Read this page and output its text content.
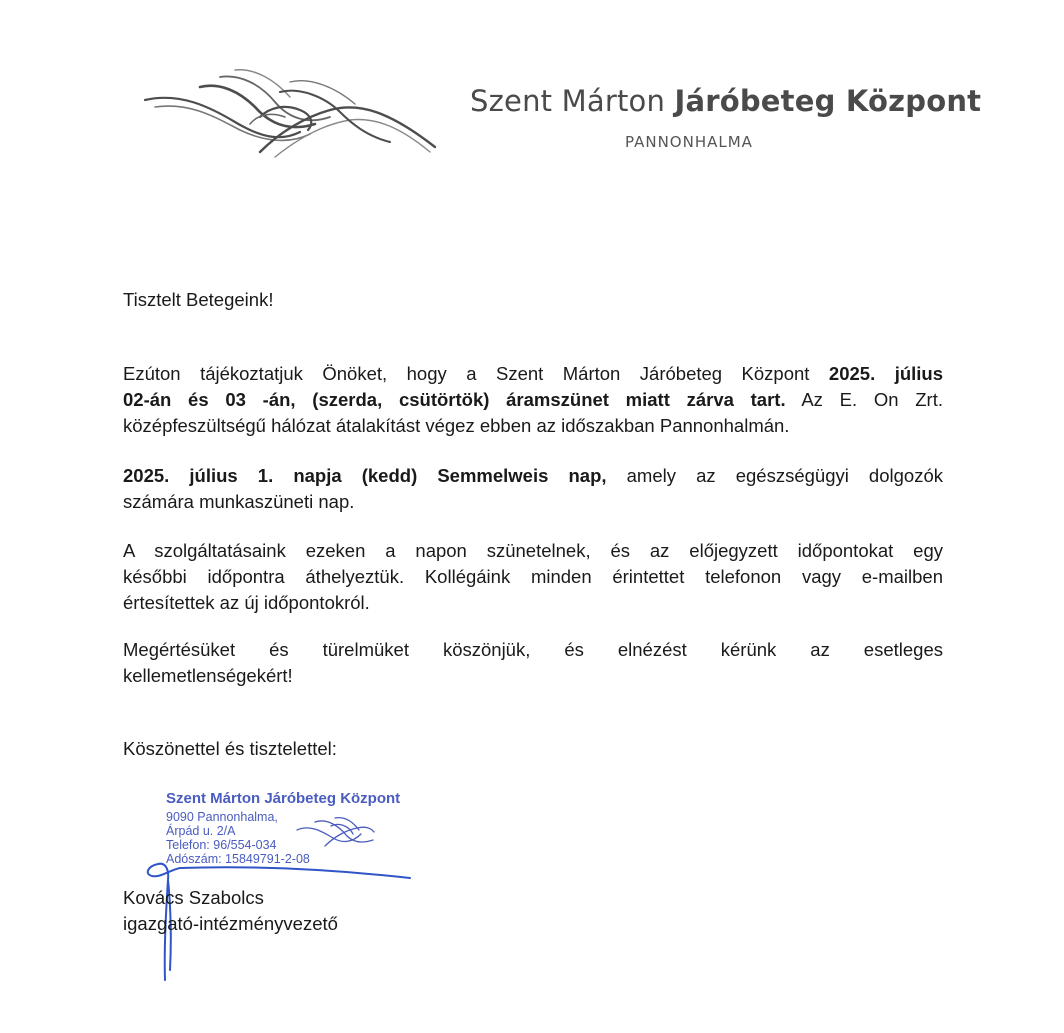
Szent Márton Járóbeteg Központ
PANNONHALMA
Tisztelt Betegeink!
Ezúton tájékoztatjuk Önöket, hogy a Szent Márton Járóbeteg Központ 2025. július
02-án és 03 -án, (szerda, csütörtök) áramszünet miatt zárva tart. Az E. On Zrt.
középfeszültségű hálózat átalakítást végez ebben az időszakban Pannonhalmán.
2025. július 1. napja (kedd) Semmelweis nap, amely az egészségügyi dolgozók
számára munkaszüneti nap.
A szolgáltatásaink ezeken a napon szünetelnek, és az előjegyzett időpontokat egy
későbbi időpontra áthelyeztük. Kollégáink minden érintettet telefonon vagy e-mailben
értesítettek az új időpontokról.
Megértésüket és türelmüket köszönjük, és elnézést kérünk az esetleges
kellemetlenségekért!
Köszönettel és tisztelettel:
Szent Márton Járóbeteg Központ
9090 Pannonhalma,
Árpád u. 2/A
Telefon: 96/554-034
Adószám: 15849791-2-08
Kovács Szabolcs
igazgató-intézményvezető
